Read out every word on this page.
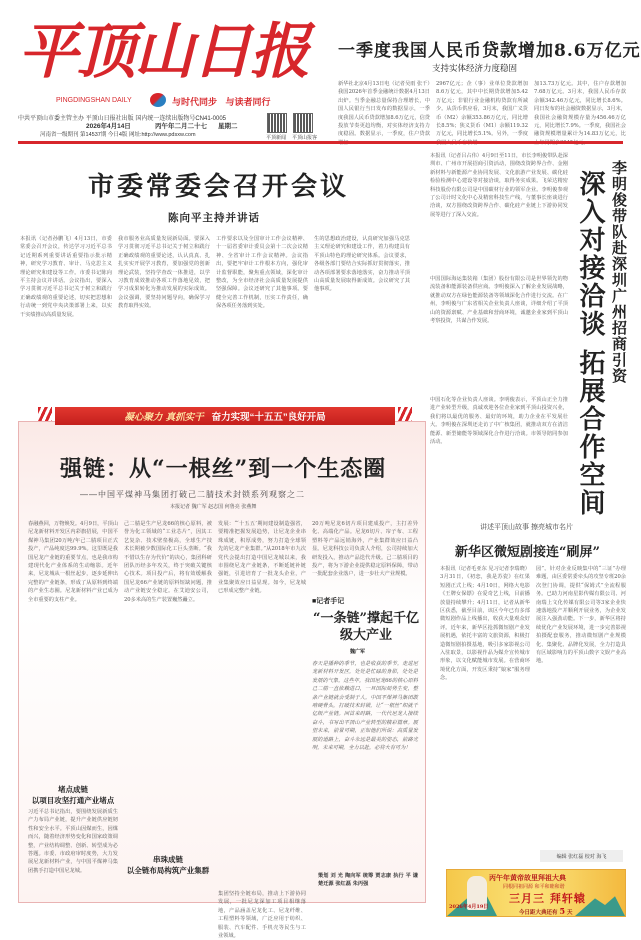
平顶山日报
PINGDINGSHAN DAILY	与时代同步 与读者同行
中共平顶山市委主管主办 平顶山日报社出版 国内统一连续出版物号CN41-0005
2026年4月14日	丙午年二月二十七 星期二
河南省一级期刊 第14537期 今日4版 网址:http://www.pdsxw.com	平顶新闻 平顶山报客
一季度我国人民币贷款增加8.6万亿元
支持实体经济力度稳固
新华社北京4月13日电（记者吴雨 张千）我国2026年首季金融统计数据4月13日出炉。当季金融总量保持合理增长，中国人民银行当日发布的数据显示，一季度我国人民币贷款增加8.6万亿元，信贷投放节奏更趋均衡，对实体经济支持力度稳固。数据显示，一季度，住户贷款
2967亿元；企（事）业单位贷款增加8.6万亿元，其中中长期贷款增加5.42万亿元；非银行业金融机构贷款有所减少。从货币供应看，3月末，我国广义货币（M2）余额353.86万亿元，同比增长8.5%；狭义货币（M1）余额119.32万亿元，同比增长5.1%。另外，一季度
加13.73万亿元。其中，住户存款增加7.68万亿元。3月末，我国人民币存款余额342.46万亿元，同比增长8.6%。同日发布的社会融资数据显示，3月末，我国社会融资规模存量为456.46万亿元，同比增长7.9%。一季度，我国社会融资规模增量累计为14.83万亿元，比
市委常委会召开会议
陈向平主持并讲话
本报讯（记者孙鹏飞）4月13日，市委常委会召开会议，传达学习习近平总书记近期系列重要讲话重要指示批示精神，研究学习教育、审计、马克思主义理论研究和建设等工作。市委书记陈向平主持会议并讲话。会议指出，要深入学习贯彻习近平总书记关于树立和践行正确政绩观的重要论述，切实把思想和行动统一到党中央决策部署上来，以实干实绩推动高质量发展。
我市服务业高质量发展新局面。要深入学习贯彻习近平总书记关于树立和践行正确政绩观的重要论述，认认真真、扎扎实实开展学习教育，要加强党的创新理论武装，坚持学查改一体推进，以学习教育成效推动各项工作落地见效，把学习成果转化为推动发展的实际成效。会议强调，要坚持问题导向，确保学习教育取得实效。
工作要求以及全国审计工作会议精神、十一届省委审计委员会第十二次会议精神、全省审计工作会议精神。会议指出，要把牢审计工作根本方向，强化审计监督职能，聚焦重点领域，深化审计整改，为全市经济社会高质量发展提供坚强保障。会议还研究了其他事项。要健全完善工作机制，压实工作责任，确保各项任务落到实处。
生的思想政治建设，认真研究加强马克思主义理论研究和建设工作，着力构建具有平顶山特色的理论研究体系。会议要求，各级各部门要结合实际抓好贯彻落实，推动各项部署要求落地落实，奋力推动平顶山高质量发展取得新成效。会议研究了其他事项。
本报讯（记者吕占伟）4月9日至11日，市长李明俊带队赴深圳市、广州市开展招商引资活动，围绕改资跨界合作、金刚新材料与新能源产业协同发展、文化旅游产业发展、碳化硅检验检测中心建设等对接洽谈，取得务实成果。飞荣达精密科技股份有限公司是中国碳材行业的领军企业。李明俊参观了公司计时文化中心及精密科技生产线，与董事长座谈进行洽谈，双方围绕改资跨界合作、碳化硅产业链上下游协同发展等进行了深入交流。
中国国际海运集装箱（集团）股份有限公司是世界领先的物流装备和能源装备供应商。李明俊深入了解企业发展战略，就推动双方在绿色能源装备等领域深化合作进行交流。在广州，李明俊与广东省相关企业负责人座谈，详细介绍了平顶山的资源禀赋、产业基础和营商环境，诚邀企业家到平顶山考察投资，共谋合作发展。
中国石化等企业负责人座谈。李明俊表示，平顶山正全力推进产业转型升级，真诚欢迎各位企业家到平顶山投资兴业，我们将以最优的服务、最好的环境，助力企业在平发展壮大。李明俊在深圳还走访了中广核集团，就推动双方在清洁能源、新型储能等领域深化合作进行洽谈。市领导陪同参加活动。	深入对接洽谈 拓展合作空间 李明俊带队赴深圳广州招商引资
凝心聚力 真抓实干 奋力实现“十五五”良好开局
强链：从“一根丝”到一个生态圈
——中国平煤神马集团打破己二腈技术封锁系列观察之二
本报记者 魏广军 赵志国 何鲁亮 张燕舞
春融燕回，万物焕发。4月9日，平顶山尼龙新材料开发区内彩旗招展，中国平煤神马集团20万吨/年己二腈项目正式投产，产品纯度达99.9%。这里既是我国尼龙产业链的重要节点，也是我市构建现代化产业体系的生动缩影。近年来，尼龙城从一根丝起步，逐步延伸出完整的产业链条，形成了从原料到终端的产业生态圈。尼龙新材料产业已成为全市重要的支柱产业。
己二腈是生产尼龙66的核心原料，被誉为化工领域的“工业芯片”，因其工艺复杂、技术壁垒极高，全球生产技术长期被少数国际化工巨头垄断。“我不惜以生存为代价”的决心，集团科研团队历经多年攻关，终于突破关键核心技术。项目投产后，将有效缓解我国尼龙66产业链的原料短缺问题，推动产业链安全稳定。在艾迪安公司，20多米高的生产装置巍然矗立。
发展：“‘十五五’期间建设制造强省，要精准把握发展趋势，让尼龙企业串珠成链，积厚成势，努力打造全球领先的尼龙产业集群。”从2018年市九次党代会提出打造中国尼龙城以来，我市围绕尼龙产业链条，不断延链补链强链，引进培育了一批龙头企业，产业集聚效应日益显现。如今，尼龙城已形成完整产业链。
20万吨尼龙6切片项目建成投产，主打差异化、高端化产品。尼龙6切片、帘子布、工程塑料等产品远销海外，产业集群效应日益凸显。尼龙科技公司负责人介绍，公司持续加大研发投入，推动产品迭代升级。己二腈项目的投产，将为下游企业提供稳定原料保障，带动一批配套企业落户，进一步壮大产业规模。
堵点成链
以项目攻坚打通产业堵点
习近平总书记指出，要围绕发展新质生产力布局产业链，提升产业链供应链韧性和安全水平。平顶山因煤而生，因煤而兴，随着经济形势变化和国家政策调整，产业结构调整、创新、转型成为必答题。市委、市政府审时度势，大力发展尼龙新材料产业，与中国平煤神马集团携手打造中国尼龙城。
串珠成链
以全链布局构筑产业集群
集团坚持全链布局，推动上下游协同发展，一批尼龙深加工项目相继落地，产品涵盖尼龙化工、尼龙纤维、工程塑料等领域，广泛应用于纺织、服装、汽车配件、手机壳等民生与工业领域。
■记者手记
“一条链”撑起千亿级大产业
魏广军
春天是播种的季节，也是收获的季节。走进尼龙新材料开发区，处处是忙碌的身影，处处是发展的气象。这些年，我国尼龙66的核心原料己二腈一直依赖进口，一旦国际局势生变，整条产业链就会受制于人。中国平煤神马集团敢啃硬骨头，打破技术封锁，让“一根丝”织就千亿级产业链。回首来时路，一代代尼龙人接续奋斗，书写出平顶山产业转型的精彩篇章。展望未来，前景可期，正如他们所说：高质量发展的道路上，奋斗永远是最美的姿态，前路光明，未来可期，全力以赴，必将大有可为！
策划 刘 光 陶向军 统筹 贾志康 执行 平 谦 楚迁源 张红磊 朱丙强
讲述平顶山故事 擦亮城市名片
新华区微短剧接连“刷屏”
本报讯（记者毛亚东 见习记者李瑞晓）3月31日，《初恋，我是苏瓷》在红果短剧正式上线；4月10日，网络大电影《王牌女保镖》在爱奇艺上线，目前播放量持续攀升；4月11日，记者从新华区获悉，截至目前，该区今年已有多部微短剧作品上线播出，收获大量观众好评。近年来，新华区抢抓微短剧产业发展机遇，依托丰富的文旅资源，积极打造微短剧拍摄基地，吸引多家影视公司入驻取景，以影视作品为媒介宣传城市形象，以文化赋能城市发展。在营商环境优化方面，开发区秉持“娘家”服务理念。
园”。针对企业反映集中的“三证”办理难题，由区委常委牵头的攻坚专班20余次登门协调，提供“保姆式”全流程服务。已助力河南星影传媒有限公司、河南瑞上文化传媒有限公司等3家企业快速落地投产并顺利开展业务，为企业发展注入强劲动能。下一步，新华区将持续优化产业发展环境，进一步完善影视拍摄配套服务，推动微短剧产业规模化、集聚化、品牌化发展，全力打造具有区域影响力的平顶山数字文娱产业高地。
编辑 张红磊 校对 海飞
丙午年黄帝故里拜祖大典
同根同祖同源 和平和睦和谐
三月三 拜轩辕
2026年4月19日
今日距大典还有 5 天
